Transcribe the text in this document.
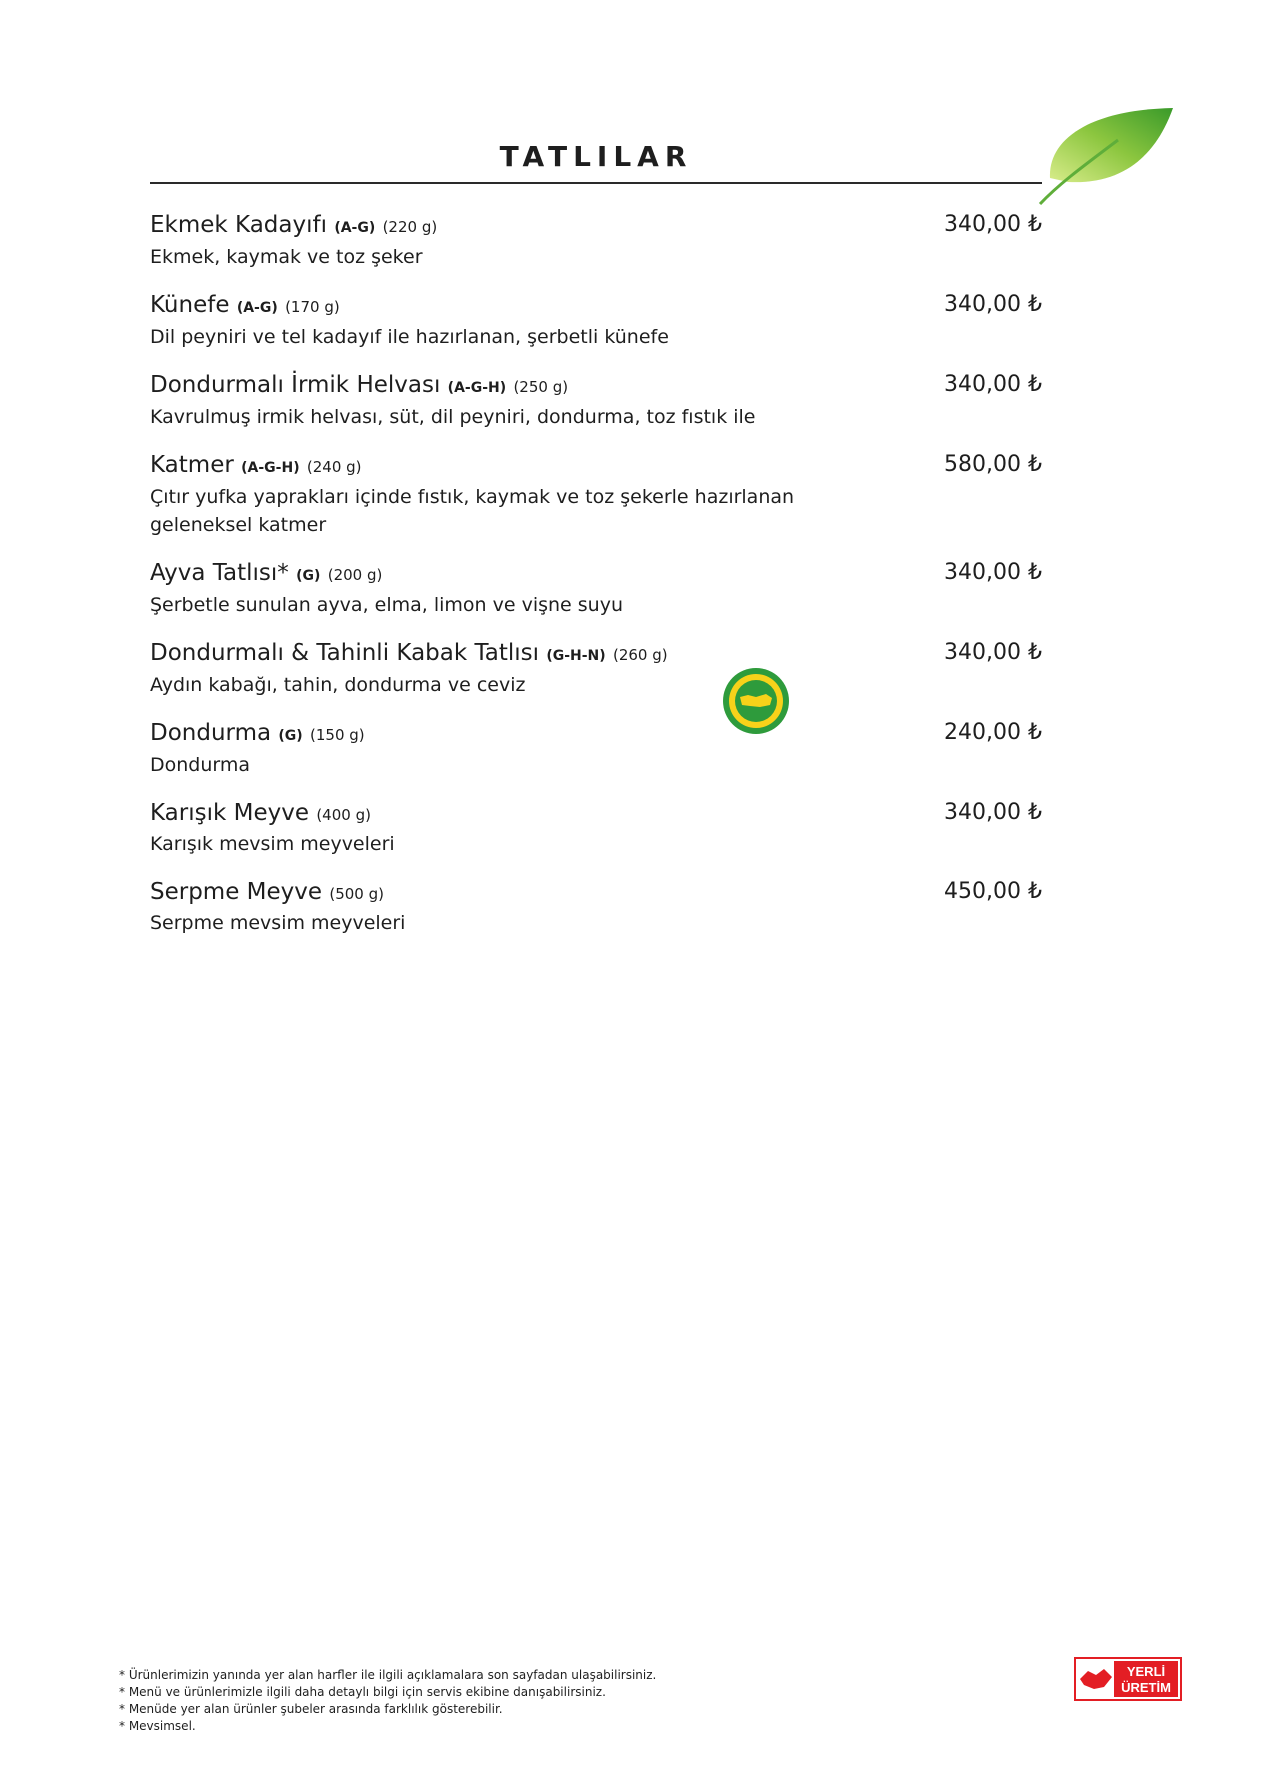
TATLILAR
Ekmek Kadayıfı (A-G) (220 g)	340,00 ₺
Ekmek, kaymak ve toz şeker
Künefe (A-G) (170 g)	340,00 ₺
Dil peyniri ve tel kadayıf ile hazırlanan, şerbetli künefe
Dondurmalı İrmik Helvası (A-G-H) (250 g)	340,00 ₺
Kavrulmuş irmik helvası, süt, dil peyniri, dondurma, toz fıstık ile
Katmer (A-G-H) (240 g)	580,00 ₺
Çıtır yufka yaprakları içinde fıstık, kaymak ve toz şekerle hazırlanan geleneksel katmer
Ayva Tatlısı* (G) (200 g)	340,00 ₺
Şerbetle sunulan ayva, elma, limon ve vişne suyu
Dondurmalı & Tahinli Kabak Tatlısı (G-H-N) (260 g)	340,00 ₺
Aydın kabağı, tahin, dondurma ve ceviz
Dondurma (G) (150 g)	240,00 ₺
Dondurma
Karışık Meyve (400 g)	340,00 ₺
Karışık mevsim meyveleri
Serpme Meyve (500 g)	450,00 ₺
Serpme mevsim meyveleri
* Ürünlerimizin yanında yer alan harfler ile ilgili açıklamalara son sayfadan ulaşabilirsiniz.
* Menü ve ürünlerimizle ilgili daha detaylı bilgi için servis ekibine danışabilirsiniz.
* Menüde yer alan ürünler şubeler arasında farklılık gösterebilir.
* Mevsimsel.
YERLİ
ÜRETİM
